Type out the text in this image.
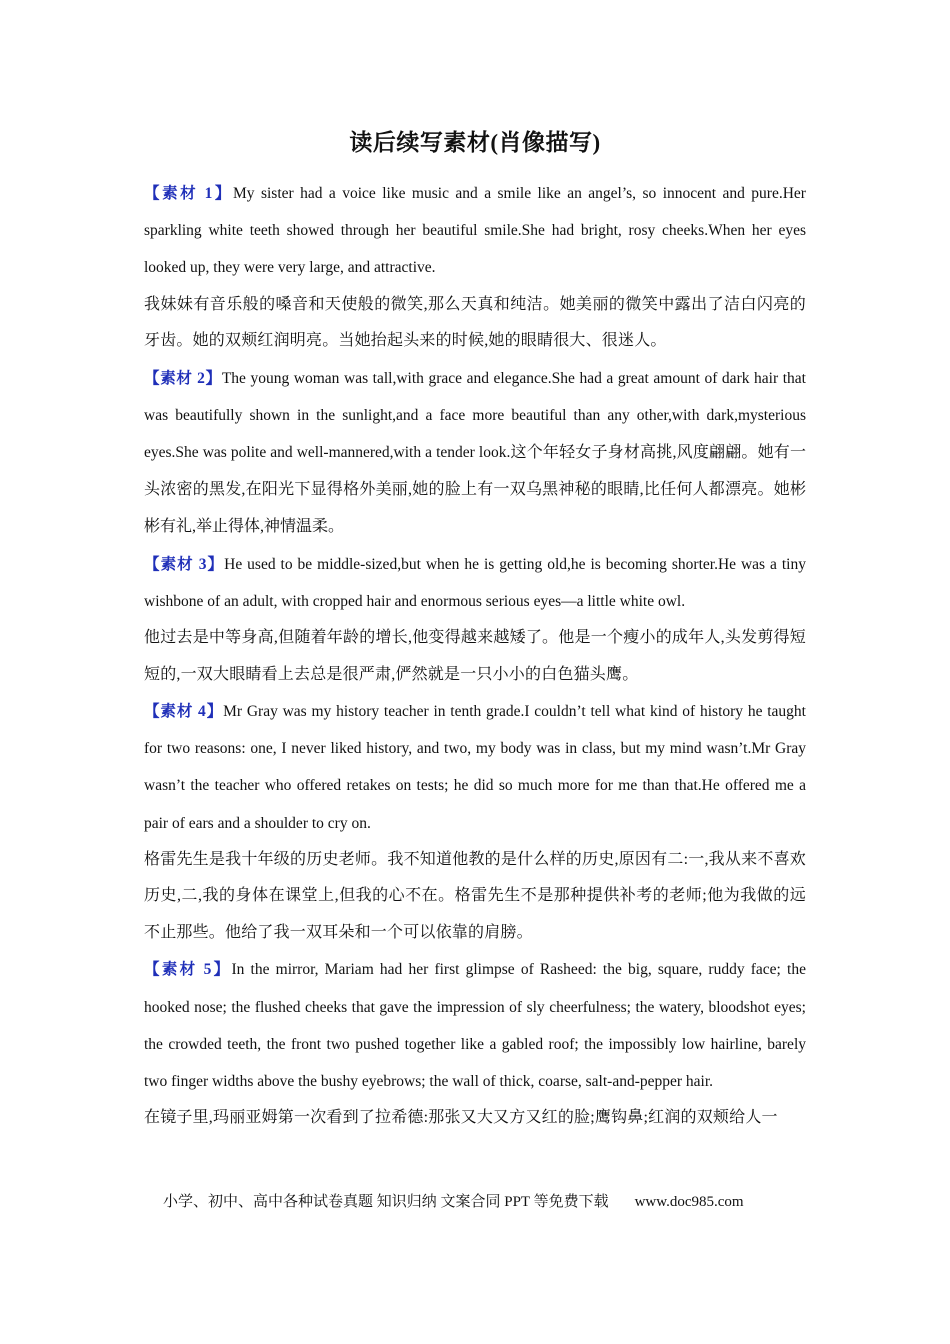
读后续写素材(肖像描写)

【素材 1】My sister had a voice like music and a smile like an angel’s, so innocent and pure.Her sparkling white teeth showed through her beautiful smile.She had bright, rosy cheeks.When her eyes looked up, they were very large, and attractive.

我妹妹有音乐般的嗓音和天使般的微笑,那么天真和纯洁。她美丽的微笑中露出了洁白闪亮的牙齿。她的双颊红润明亮。当她抬起头来的时候,她的眼睛很大、很迷人。

【素材 2】The young woman was tall,with grace and elegance.She had a great amount of dark hair that was beautifully shown in the sunlight,and a face more beautiful than any other,with dark,mysterious eyes.She was polite and well-mannered,with a tender look.这个年轻女子身材高挑,风度翩翩。她有一头浓密的黑发,在阳光下显得格外美丽,她的脸上有一双乌黑神秘的眼睛,比任何人都漂亮。她彬彬有礼,举止得体,神情温柔。

【素材 3】He used to be middle-sized,but when he is getting old,he is becoming shorter.He was a tiny wishbone of an adult, with cropped hair and enormous serious eyes—a little white owl.

他过去是中等身高,但随着年龄的增长,他变得越来越矮了。他是一个瘦小的成年人,头发剪得短短的,一双大眼睛看上去总是很严肃,俨然就是一只小小的白色猫头鹰。

【素材 4】Mr Gray was my history teacher in tenth grade.I couldn’t tell what kind of history he taught for two reasons: one, I never liked history, and two, my body was in class, but my mind wasn’t.Mr Gray wasn’t the teacher who offered retakes on tests; he did so much more for me than that.He offered me a pair of ears and a shoulder to cry on.

格雷先生是我十年级的历史老师。我不知道他教的是什么样的历史,原因有二:一,我从来不喜欢历史,二,我的身体在课堂上,但我的心不在。格雷先生不是那种提供补考的老师;他为我做的远不止那些。他给了我一双耳朵和一个可以依靠的肩膀。

【素材 5】In the mirror, Mariam had her first glimpse of Rasheed: the big, square, ruddy face; the hooked nose; the flushed cheeks that gave the impression of sly cheerfulness; the watery, bloodshot eyes; the crowded teeth, the front two pushed together like a gabled roof; the impossibly low hairline, barely two finger widths above the bushy eyebrows; the wall of thick, coarse, salt-and-pepper hair.

在镜子里,玛丽亚姆第一次看到了拉希德:那张又大又方又红的脸;鹰钩鼻;红润的双颊给人一

小学、初中、高中各种试卷真题 知识归纳 文案合同 PPT 等免费下载 www.doc985.com
